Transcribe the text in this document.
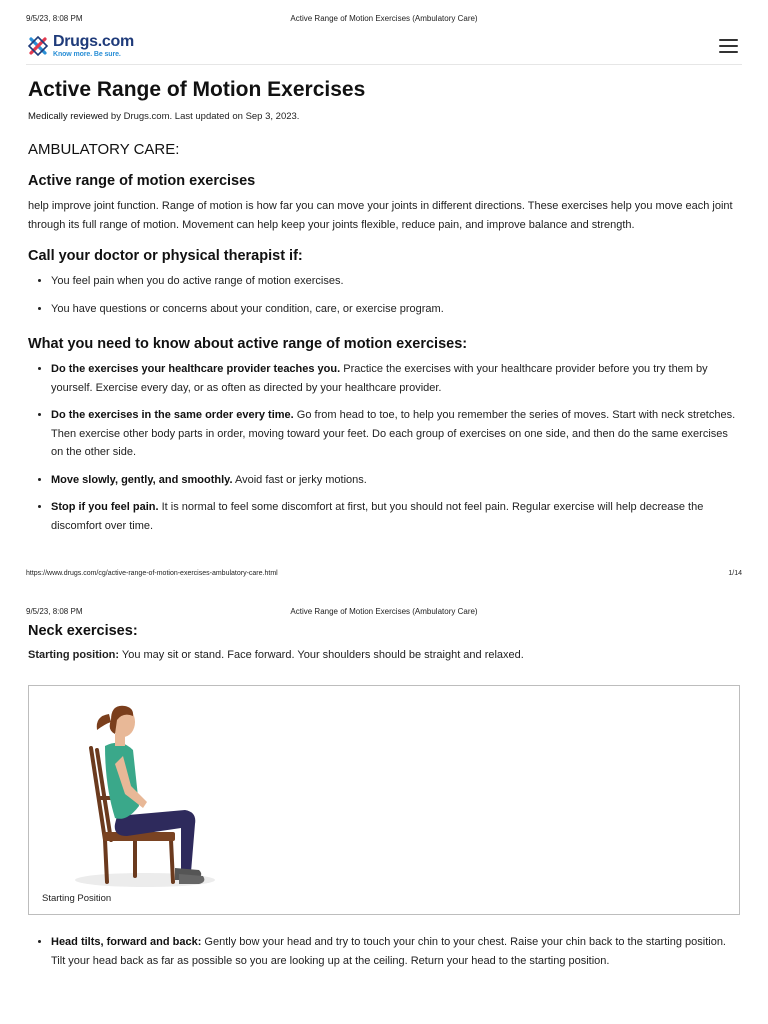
9/5/23, 8:08 PM	Active Range of Motion Exercises (Ambulatory Care)
Drugs.com
Know more. Be sure.
Active Range of Motion Exercises
Medically reviewed by Drugs.com. Last updated on Sep 3, 2023.
AMBULATORY CARE:
Active range of motion exercises

help improve joint function. Range of motion is how far you can move your joints in different directions. These exercises help you move each joint through its full range of motion. Movement can help keep your joints flexible, reduce pain, and improve balance and strength.

Call your doctor or physical therapist if:
• You feel pain when you do active range of motion exercises.
• You have questions or concerns about your condition, care, or exercise program.
What you need to know about active range of motion exercises:
• Do the exercises your healthcare provider teaches you. Practice the exercises with your healthcare provider before you try them by yourself. Exercise every day, or as often as directed by your healthcare provider.
• Do the exercises in the same order every time. Go from head to toe, to help you remember the series of moves. Start with neck stretches. Then exercise other body parts in order, moving toward your feet. Do each group of exercises on one side, and then do the same exercises on the other side.
• Move slowly, gently, and smoothly. Avoid fast or jerky motions.
• Stop if you feel pain. It is normal to feel some discomfort at first, but you should not feel pain. Regular exercise will help decrease the discomfort over time.
https://www.drugs.com/cg/active-range-of-motion-exercises-ambulatory-care.html	1/14
9/5/23, 8:08 PM	Active Range of Motion Exercises (Ambulatory Care)
Neck exercises:

Starting position: You may sit or stand. Face forward. Your shoulders should be straight and relaxed.

Starting Position
• Head tilts, forward and back: Gently bow your head and try to touch your chin to your chest. Raise your chin back to the starting position. Tilt your head back as far as possible so you are looking up at the ceiling. Return your head to the starting position.
